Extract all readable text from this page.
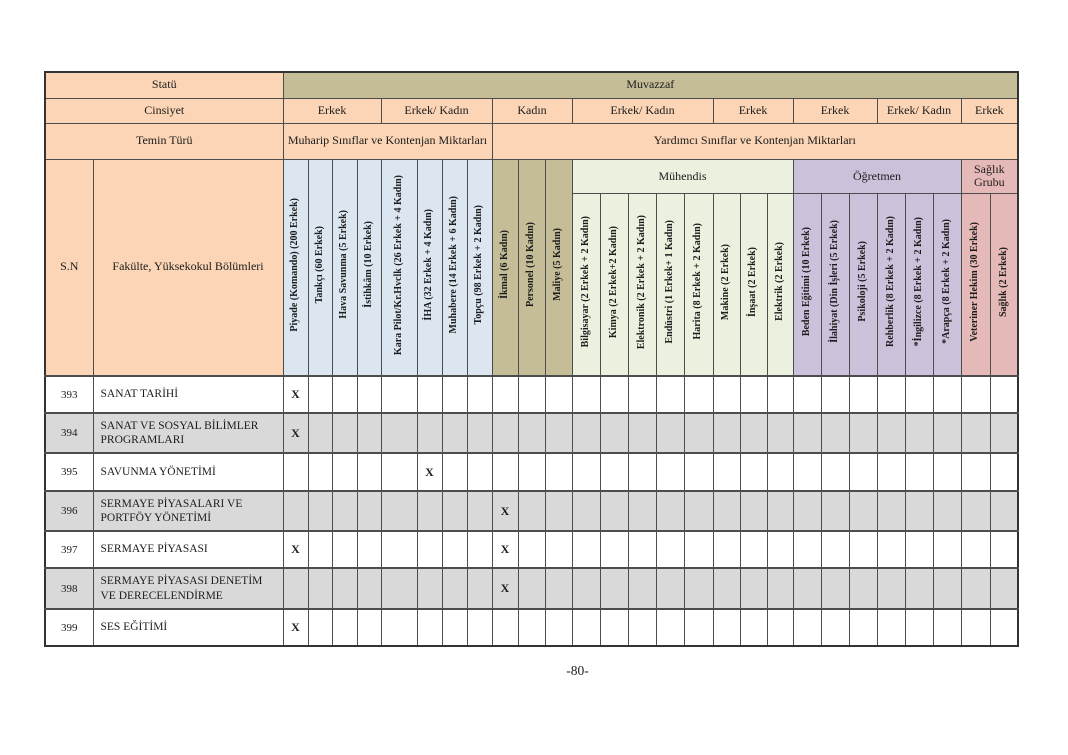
Statü		Muvazzaf																										
Cinsiyet		Erkek				Erkek/ Kadın				Kadın			Erkek/ Kadın					Erkek			Erkek			Erkek/ Kadın			Erkek	
Temin Türü		Muharip Sınıflar ve Kontenjan Miktarları								Yardımcı Sınıflar ve Kontenjan Miktarları																		
S.N	Fakülte, Yüksekokul Bölümleri	Piyade (Komando) (200 Erkek)	Tankçı (60 Erkek)	Hava Savunma (5 Erkek)	İstihkâm (10 Erkek)	Kara Pilot/Kr.Hvclk (26 Erkek + 4 Kadın)	İHA (32 Erkek + 4 Kadın)	Muhabere (14 Erkek + 6 Kadın)	Topçu (98 Erkek + 2 Kadın)	İkmal (6 Kadın)	Personel (10 Kadın)	Maliye (5 Kadın)	Mühendis								Öğretmen						Sağlık Grubu	
													Bilgisayar (2 Erkek + 2 Kadın)	Kimya (2 Erkek+2 Kadın)	Elektronik (2 Erkek + 2 Kadın)	Endüstri (1 Erkek+ 1 Kadın)	Harita (8 Erkek + 2 Kadın)	Makine (2 Erkek)	İnşaat (2 Erkek)	Elektrik (2 Erkek)	Beden Eğitimi (10 Erkek)	İlahiyat (Din İşleri (5 Erkek)	Psikoloji (5 Erkek)	Rehberlik (8 Erkek + 2 Kadın)	*İngilizce (8 Erkek + 2 Kadın)	*Arapça (8 Erkek + 2 Kadın)	Veteriner Hekim (30 Erkek)	Sağlık (2 Erkek)
393	SANAT TARİHİ	X																										
394	SANAT VE SOSYAL BİLİMLER PROGRAMLARI	X																										
395	SAVUNMA YÖNETİMİ						X																					
396	SERMAYE PİYASALARI VE PORTFÖY YÖNETİMİ									X																		
397	SERMAYE PİYASASI	X								X																		
398	SERMAYE PİYASASI DENETİM VE DERECELENDİRME									X																		
399	SES EĞİTİMİ	X																										
-80-
